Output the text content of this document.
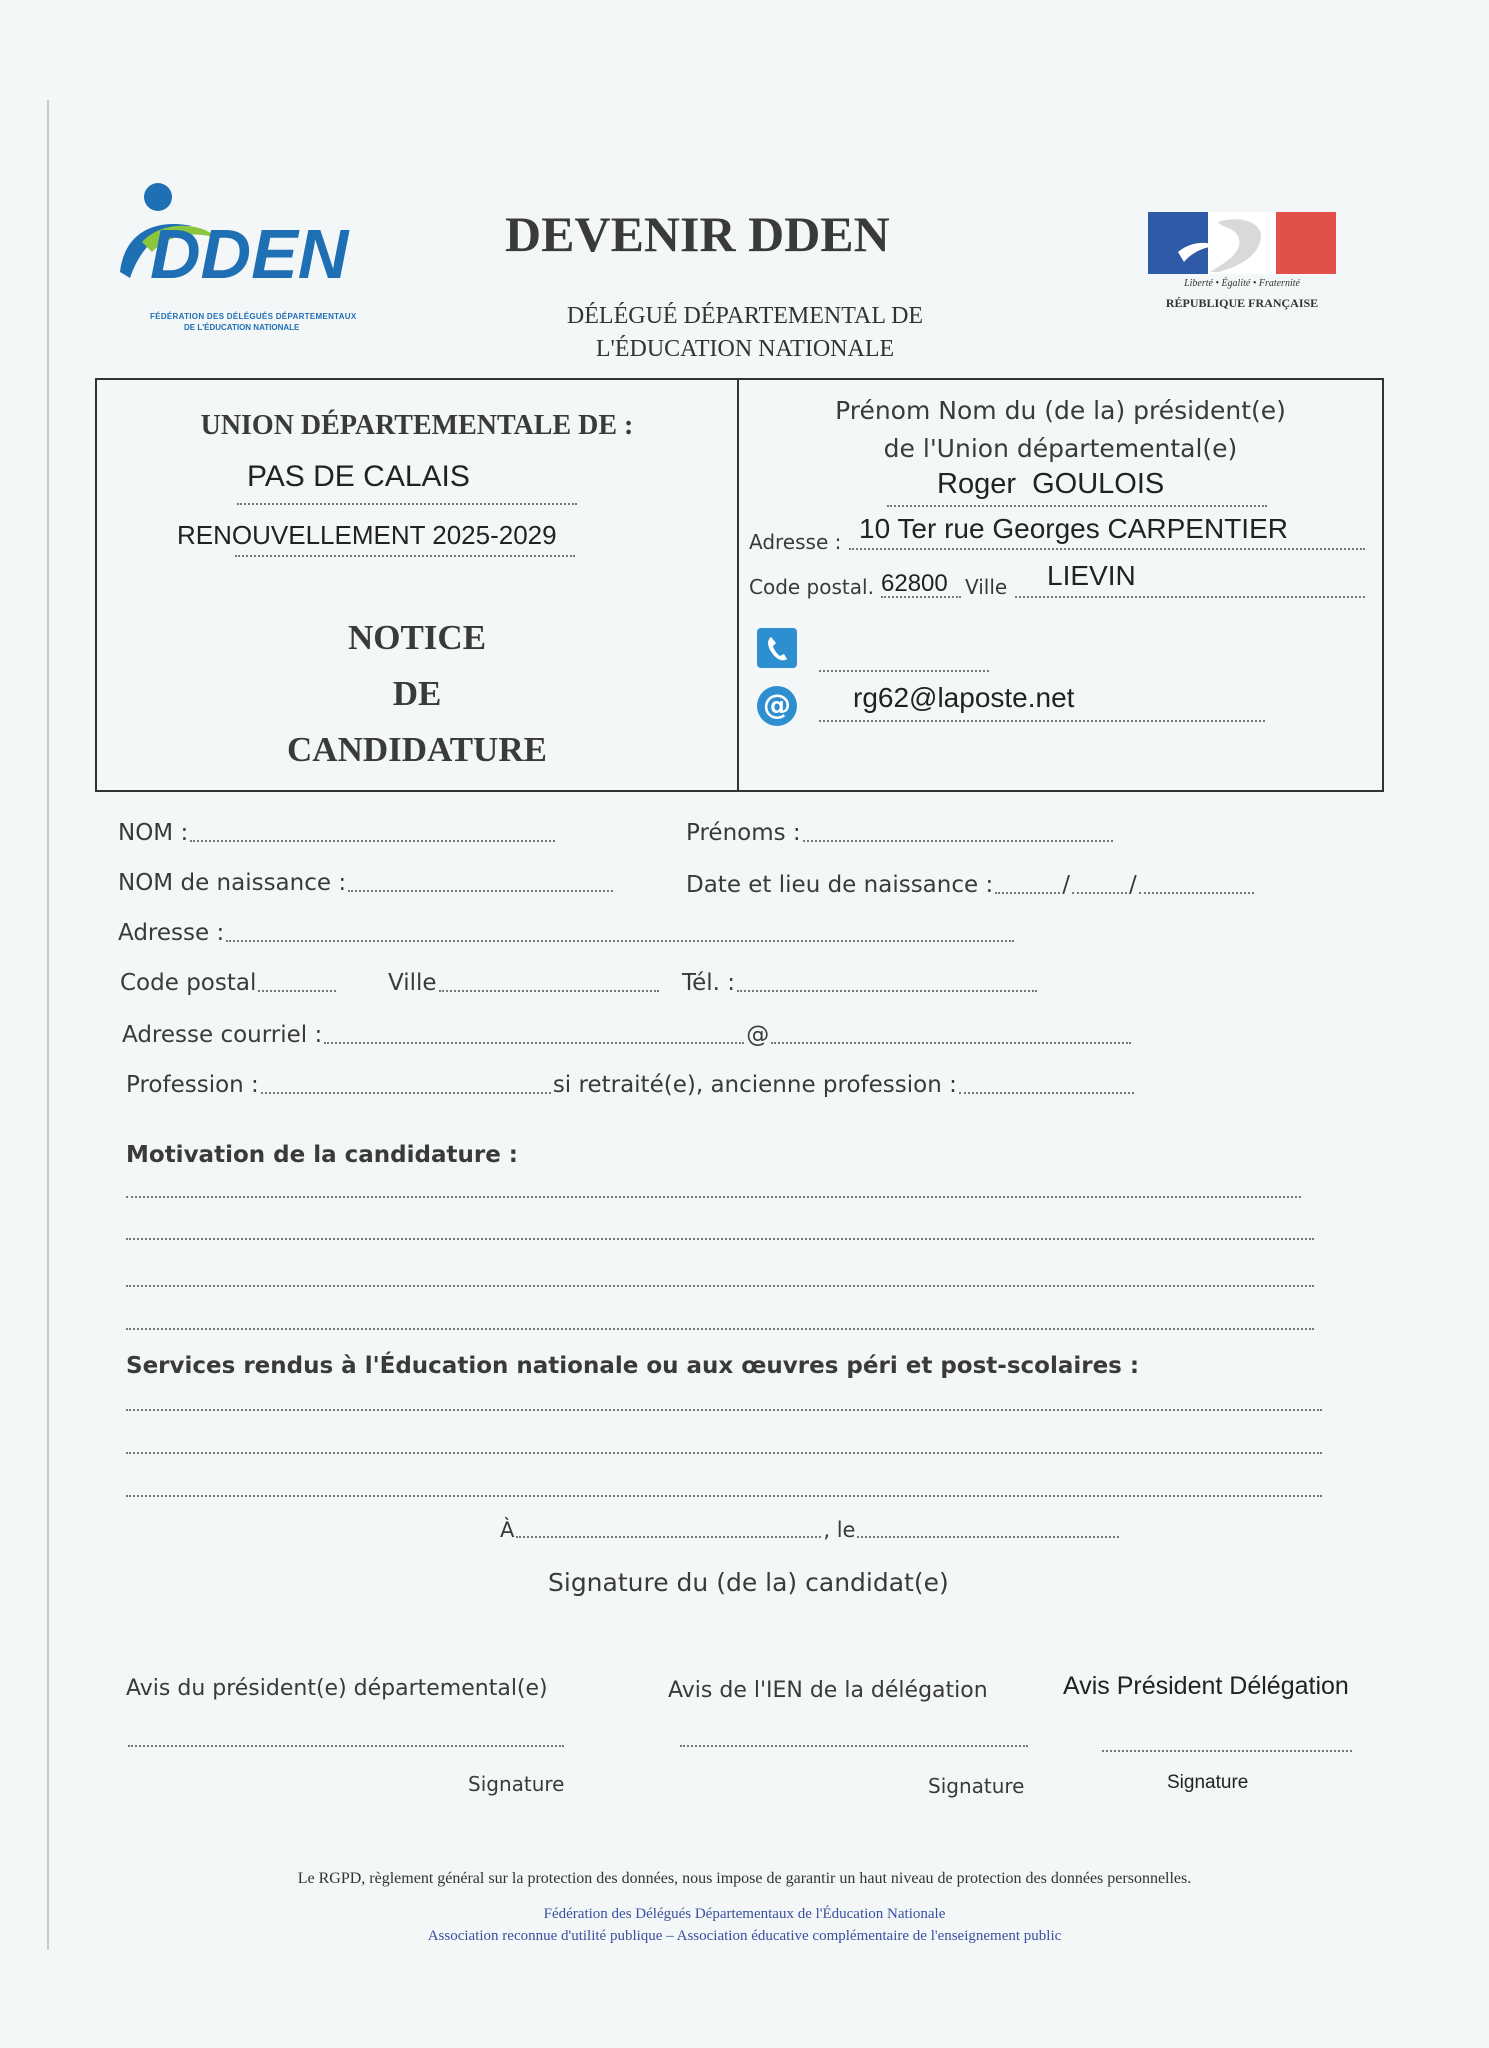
DDEN
FÉDÉRATION DES DÉLÉGUÉS DÉPARTEMENTAUX
DE L'ÉDUCATION NATIONALE
DEVENIR DDEN
DÉLÉGUÉ DÉPARTEMENTAL DE
L'ÉDUCATION NATIONALE
Liberté • Égalité • Fraternité
RÉPUBLIQUE FRANÇAISE
UNION DÉPARTEMENTALE DE :
PAS DE CALAIS
RENOUVELLEMENT 2025-2029
NOTICE
DE
CANDIDATURE
Prénom Nom du (de la) président(e)
de l'Union départemental(e)
Roger  GOULOIS
Adresse : 10 Ter rue Georges CARPENTIER
Code postal. 62800 Ville LIEVIN
@ rg62@laposte.net
NOM :	Prénoms :
NOM de naissance :	Date et lieu de naissance :	/	/
Adresse :
Code postal	Ville	Tél. :
Adresse courriel :	@
Profession :	si retraité(e), ancienne profession :
Motivation de la candidature :
Services rendus à l'Éducation nationale ou aux œuvres péri et post-scolaires :
À	, le
Signature du (de la) candidat(e)
Avis du président(e) départemental(e)
Signature
Avis de l'IEN de la délégation
Signature
Avis Président Délégation
Signature
Le RGPD, règlement général sur la protection des données, nous impose de garantir un haut niveau de protection des données personnelles.
Fédération des Délégués Départementaux de l'Éducation Nationale
Association reconnue d'utilité publique – Association éducative complémentaire de l'enseignement public
